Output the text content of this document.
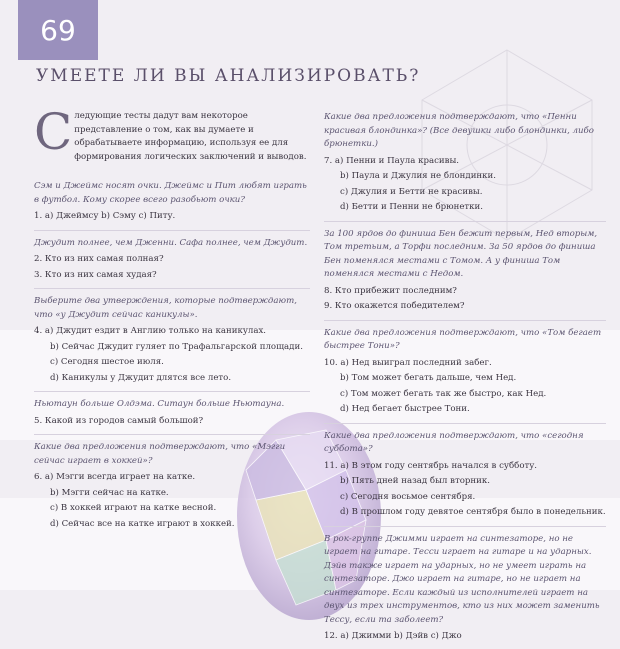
69
УМЕЕТЕ ЛИ ВЫ АНАЛИЗИРОВАТЬ?
С ледующие тесты дадут вам некоторое представление о том, как вы думаете и обрабатываете информацию, используя ее для формирования логических заключений и выводов.
Сэм и Джеймс носят очки. Джеймс и Пит любят играть в футбол. Кому скорее всего разобьют очки?
1. а) Джеймсу b) Сэму с) Питу.
Джудит полнее, чем Дженни. Сафа полнее, чем Джудит.
2. Кто из них самая полная?
3. Кто из них самая худая?
Выберите два утверждения, которые подтверждают, что «у Джудит сейчас каникулы».
4. а) Джудит ездит в Англию только на каникулах.
b) Сейчас Джудит гуляет по Трафальгарской площади.
с) Сегодня шестое июля.
d) Каникулы у Джудит длятся все лето.
Ньютаун больше Олдэма. Ситаун больше Ньютауна.
5. Какой из городов самый большой?
Какие два предложения подтверждают, что «Мэгги сейчас играет в хоккей»?
6. а) Мэгги всегда играет на катке.
b) Мэгги сейчас на катке.
с) В хоккей играют на катке весной.
d) Сейчас все на катке играют в хоккей.
Какие два предложения подтверждают, что «Пенни красивая блондинка»? (Все девушки либо блондинки, либо брюнетки.)
7. а) Пенни и Паула красивы.
b) Паула и Джулия не блондинки.
с) Джулия и Бетти не красивы.
d) Бетти и Пенни не брюнетки.
За 100 ярдов до финиша Бен бежит первым, Нед вторым, Том третьим, а Торфи последним. За 50 ярдов до финиша Бен поменялся местами с Томом. А у финиша Том поменялся местами с Недом.
8. Кто прибежит последним?
9. Кто окажется победителем?
Какие два предложения подтверждают, что «Том бегает быстрее Тони»?
10. а) Нед выиграл последний забег.
b) Том может бегать дальше, чем Нед.
с) Том может бегать так же быстро, как Нед.
d) Нед бегает быстрее Тони.
Какие два предложения подтверждают, что «сегодня суббота»?
11. а) В этом году сентябрь начался в субботу.
b) Пять дней назад был вторник.
с) Сегодня восьмое сентября.
d) В прошлом году девятое сентября было в понедельник.
В рок-группе Джимми играет на синтезаторе, но не играет на гитаре. Тесси играет на гитаре и на ударных. Дэйв также играет на ударных, но не умеет играть на синтезаторе. Джо играет на гитаре, но не играет на синтезаторе. Если каждый из исполнителей играет на двух из трех инструментов, кто из них может заменить Тессу, если та заболеет?
12. а) Джимми b) Дэйв с) Джо
